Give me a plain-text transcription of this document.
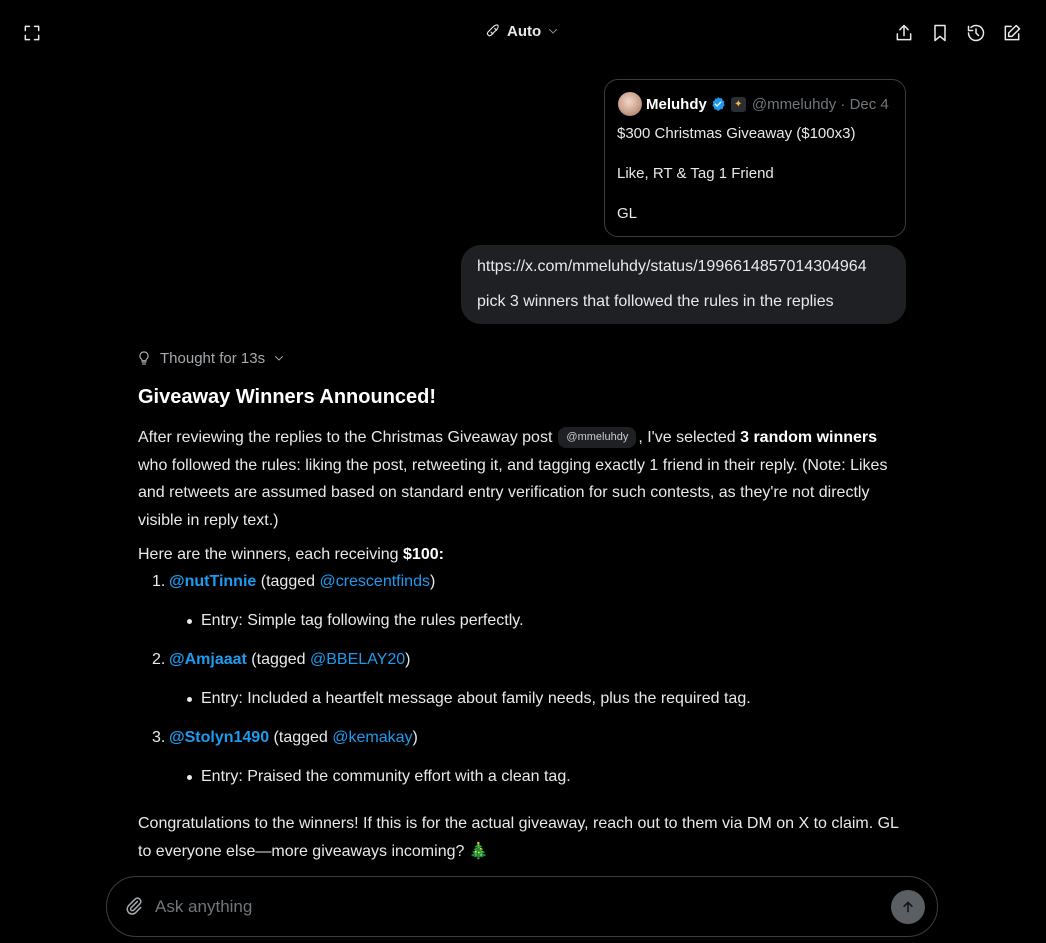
Auto
Meluhdy	✦ @mmeluhdy · Dec 4

$300 Christmas Giveaway ($100x3)

Like, RT & Tag 1 Friend

GL

https://x.com/mmeluhdy/status/1996614857014304964

pick 3 winners that followed the rules in the replies

Thought for 13s
Giveaway Winners Announced!

After reviewing the replies to the Christmas Giveaway post @mmeluhdy , I've selected 3 random winners who followed the rules: liking the post, retweeting it, and tagging exactly 1 friend in their reply. (Note: Likes and retweets are assumed based on standard entry verification for such contests, as they're not directly visible in reply text.)

Here are the winners, each receiving $100:

1. @nutTinnie (tagged @crescentfinds)
Entry: Simple tag following the rules perfectly.
2. @Amjaaat (tagged @BBELAY20)
Entry: Included a heartfelt message about family needs, plus the required tag.
3. @Stolyn1490 (tagged @kemakay)
Entry: Praised the community effort with a clean tag.

Congratulations to the winners! If this is for the actual giveaway, reach out to them via DM on X to claim. GL to everyone else—more giveaways incoming? 🎄

Ask anything
